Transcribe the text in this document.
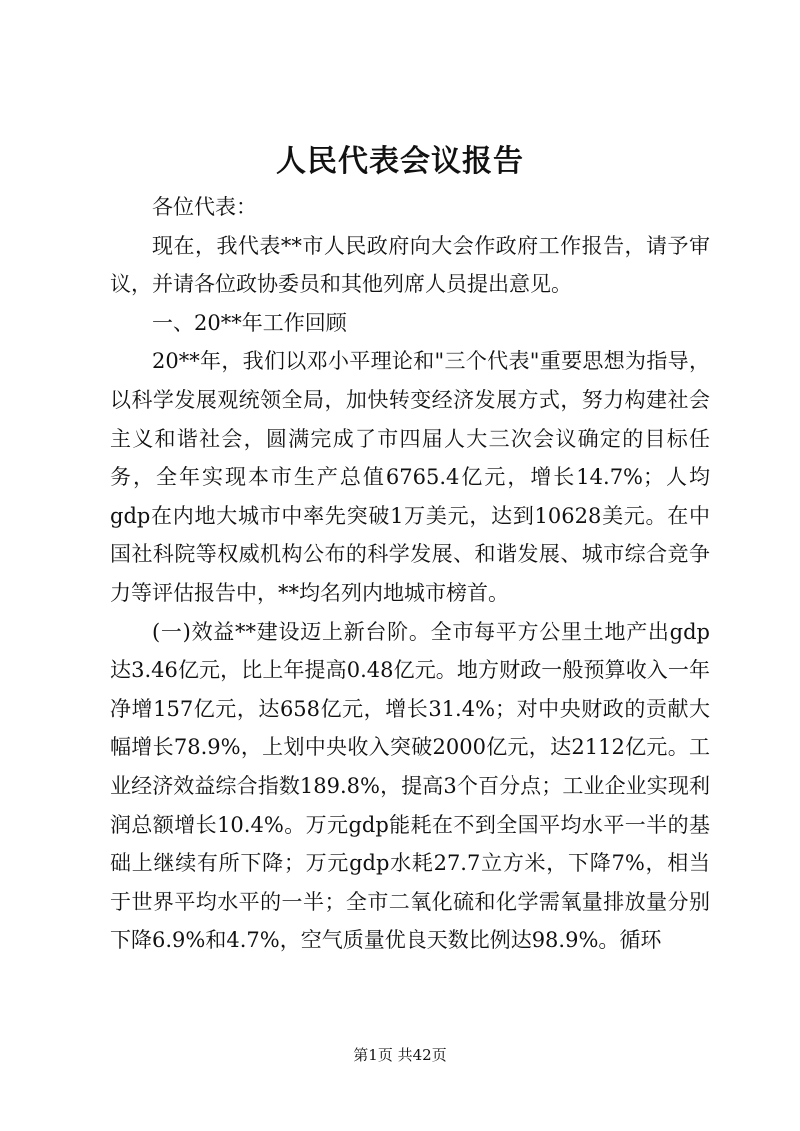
人民代表会议报告

各位代表：

现在，我代表**市人民政府向大会作政府工作报告，请予审议，并请各位政协委员和其他列席人员提出意见。

一、20**年工作回顾

20**年，我们以邓小平理论和"三个代表"重要思想为指导，以科学发展观统领全局，加快转变经济发展方式，努力构建社会主义和谐社会，圆满完成了市四届人大三次会议确定的目标任务，全年实现本市生产总值6765.4亿元，增长14.7%；人均gdp在内地大城市中率先突破1万美元，达到10628美元。在中国社科院等权威机构公布的科学发展、和谐发展、城市综合竞争力等评估报告中，**均名列内地城市榜首。

(一)效益**建设迈上新台阶。全市每平方公里土地产出gdp达3.46亿元，比上年提高0.48亿元。地方财政一般预算收入一年净增157亿元，达658亿元，增长31.4%；对中央财政的贡献大幅增长78.9%，上划中央收入突破2000亿元，达2112亿元。工业经济效益综合指数189.8%，提高3个百分点；工业企业实现利润总额增长10.4%。万元gdp能耗在不到全国平均水平一半的基础上继续有所下降；万元gdp水耗27.7立方米，下降7%，相当于世界平均水平的一半；全市二氧化硫和化学需氧量排放量分别下降6.9%和4.7%，空气质量优良天数比例达98.9%。循环

第1页 共42页
